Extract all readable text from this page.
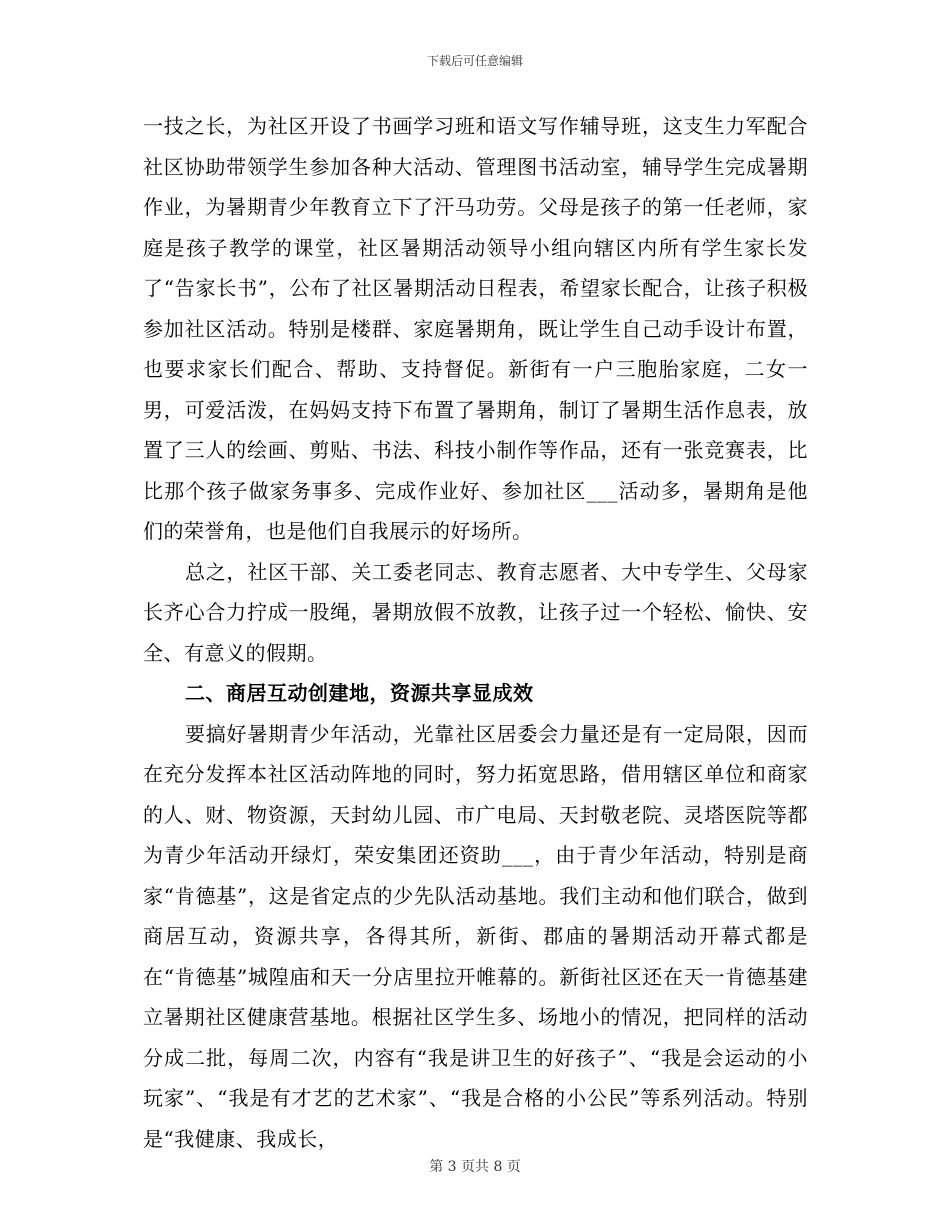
下载后可任意编辑

一技之长，为社区开设了书画学习班和语文写作辅导班，这支生力军配合社区协助带领学生参加各种大活动、管理图书活动室，辅导学生完成暑期作业，为暑期青少年教育立下了汗马功劳。父母是孩子的第一任老师，家庭是孩子教学的课堂，社区暑期活动领导小组向辖区内所有学生家长发了“告家长书”，公布了社区暑期活动日程表，希望家长配合，让孩子积极参加社区活动。特别是楼群、家庭暑期角，既让学生自己动手设计布置，也要求家长们配合、帮助、支持督促。新街有一户三胞胎家庭，二女一男，可爱活泼，在妈妈支持下布置了暑期角，制订了暑期生活作息表，放置了三人的绘画、剪贴、书法、科技小制作等作品，还有一张竞赛表，比比那个孩子做家务事多、完成作业好、参加社区___活动多，暑期角是他们的荣誉角，也是他们自我展示的好场所。

总之，社区干部、关工委老同志、教育志愿者、大中专学生、父母家长齐心合力拧成一股绳，暑期放假不放教，让孩子过一个轻松、愉快、安全、有意义的假期。

二、商居互动创建地，资源共享显成效

要搞好暑期青少年活动，光靠社区居委会力量还是有一定局限，因而在充分发挥本社区活动阵地的同时，努力拓宽思路，借用辖区单位和商家的人、财、物资源，天封幼儿园、市广电局、天封敬老院、灵塔医院等都为青少年活动开绿灯，荣安集团还资助___，由于青少年活动，特别是商家“肯德基”，这是省定点的少先队活动基地。我们主动和他们联合，做到商居互动，资源共享，各得其所，新街、郡庙的暑期活动开幕式都是在“肯德基”城隍庙和天一分店里拉开帷幕的。新街社区还在天一肯德基建立暑期社区健康营基地。根据社区学生多、场地小的情况，把同样的活动分成二批，每周二次，内容有“我是讲卫生的好孩子”、“我是会运动的小玩家”、“我是有才艺的艺术家”、“我是合格的小公民”等系列活动。特别是“我健康、我成长，

第 3 页共 8 页
